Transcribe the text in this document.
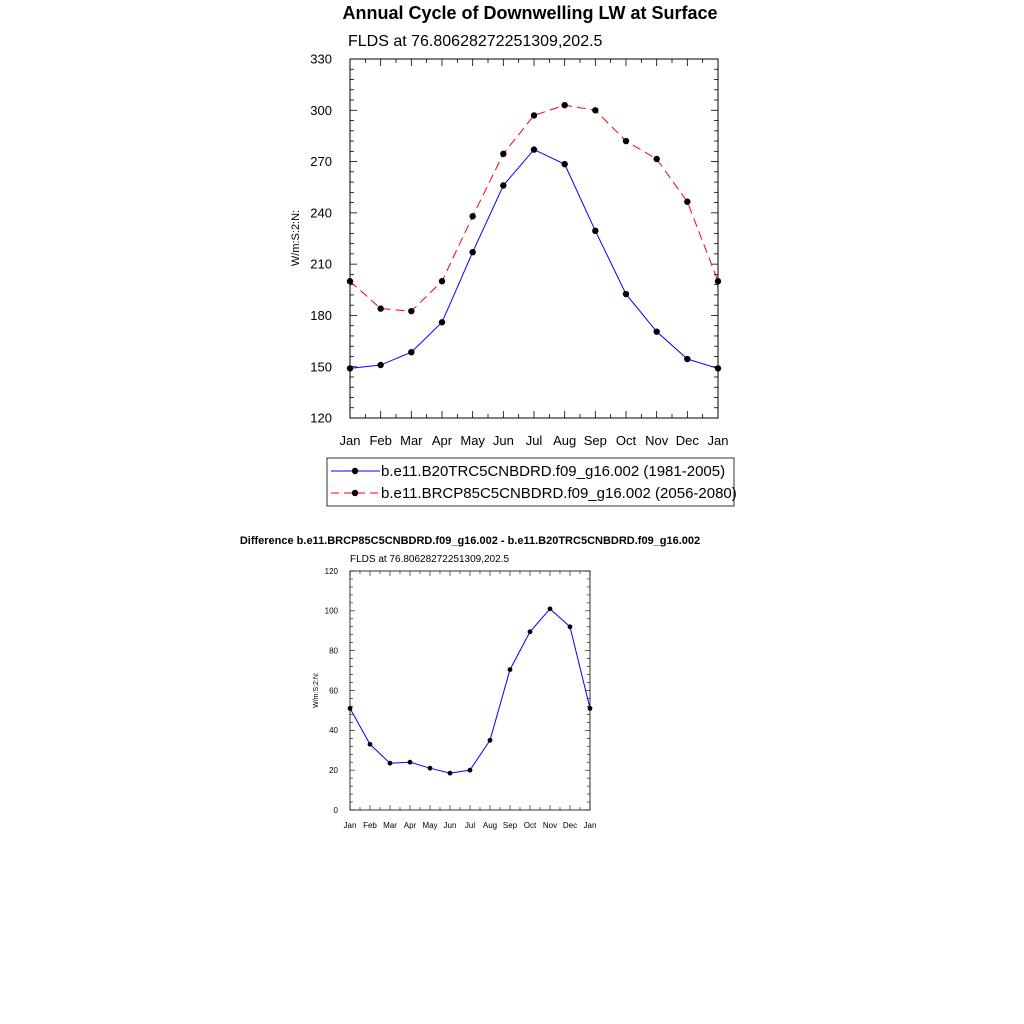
Annual Cycle of Downwelling LW at Surface
FLDS at 76.80628272251309,202.5
W/m:S:2:N:
120
150
180
210
240
270
300
330
Jan Feb Mar Apr May Jun Jul Aug Sep Oct Nov Dec Jan
b.e11.B20TRC5CNBDRD.f09_g16.002 (1981-2005)
b.e11.BRCP85C5CNBDRD.f09_g16.002 (2056-2080)
Difference b.e11.BRCP85C5CNBDRD.f09_g16.002 - b.e11.B20TRC5CNBDRD.f09_g16.002
FLDS at 76.80628272251309,202.5
W/m:S:2:N:
0
20
40
60
80
100
120
Jan Feb Mar Apr May Jun Jul Aug Sep Oct Nov Dec Jan
